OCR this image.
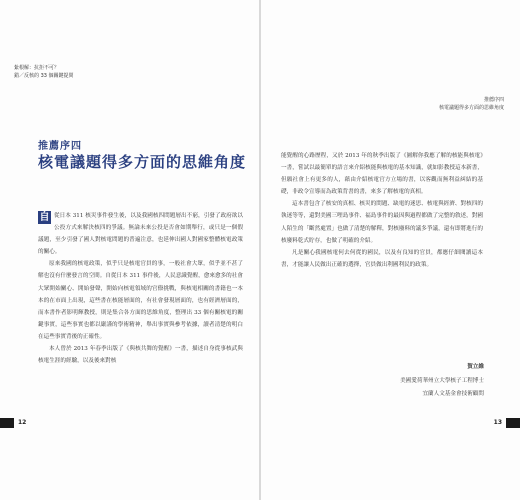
紮根解：抗拒不可？
錯／反核的 33 個關鍵提問
推薦序四
核電議題得多方面的思維角度

自 從日本 311 核災事件發生後，以及我國核四問題層出不窮，引發了政府欲以公投方式來解決核四的爭議。無論未來公投是否會如期舉行，或只是一個假議題，至少引發了國人對核電問題的普遍注意，也延伸出國人對國家整體核電政策的關心。

原來我國的核電政策，似乎只是核電官員的事，一般社會大眾，似乎並不甚了解也沒有什麼發言的空間。自從日本 311 事件後，人民意識覺醒，愈來愈多的社會大眾開始關心、開始發聲，開始向核電領域的官僚挑戰，與核電相關的書籍也一本本的在市面上出現，這些書在核能層面的，有社會發現層面的，也有經濟層面的，而本書作者影明輝教授，則是集合各方面的思維角度，整理出 33 個有關核電的關鍵事實，這些事實也都以嚴謹的學術精神，舉出事實與參考依據，讀者清楚的明白在這些事實背後的正確性。

本人曾於 2013 年春季出版了《與核共舞的覺醒》一書，描述自身從事核武與核電生涯的經驗，以及後來對核

12
推薦序四
核電議題得多方面的思維角度

能覺醒的心路歷程，又於 2013 年的秋季出版了《圖解你我應了解的核能與核電》一書，嘗試以最簡單的語言來介紹核能與核電的基本知識，就如影教授這本新書，但願社會上有更多的人，藉由介紹核電官方立場的書，以客觀而無利益糾結的基礎，非政令宣導而為政策背書的書，來多了解核電的真相。

這本書包含了核安的真相、核災的問題、缺電的迷思、核電與經濟、對核四的執迷等等，還對美國三哩島事件、福島事件的最因與過程都做了完整的敘述，對國人陌生的「斷然處置」也做了清楚的解釋，對核廢料的議多爭議，還有即將進行的核廢料乾式貯存，也做了明確的介紹。

凡是關心我國核電何去何從的國民，以及有良知的官員，都應仔細閱讀這本書，才能讓人民做出正確的選擇，官員做出利國利民的政策。

賀立維
美國愛荷華州立大學核子工程博士
宜蘭人文基金會技術顧問
13
